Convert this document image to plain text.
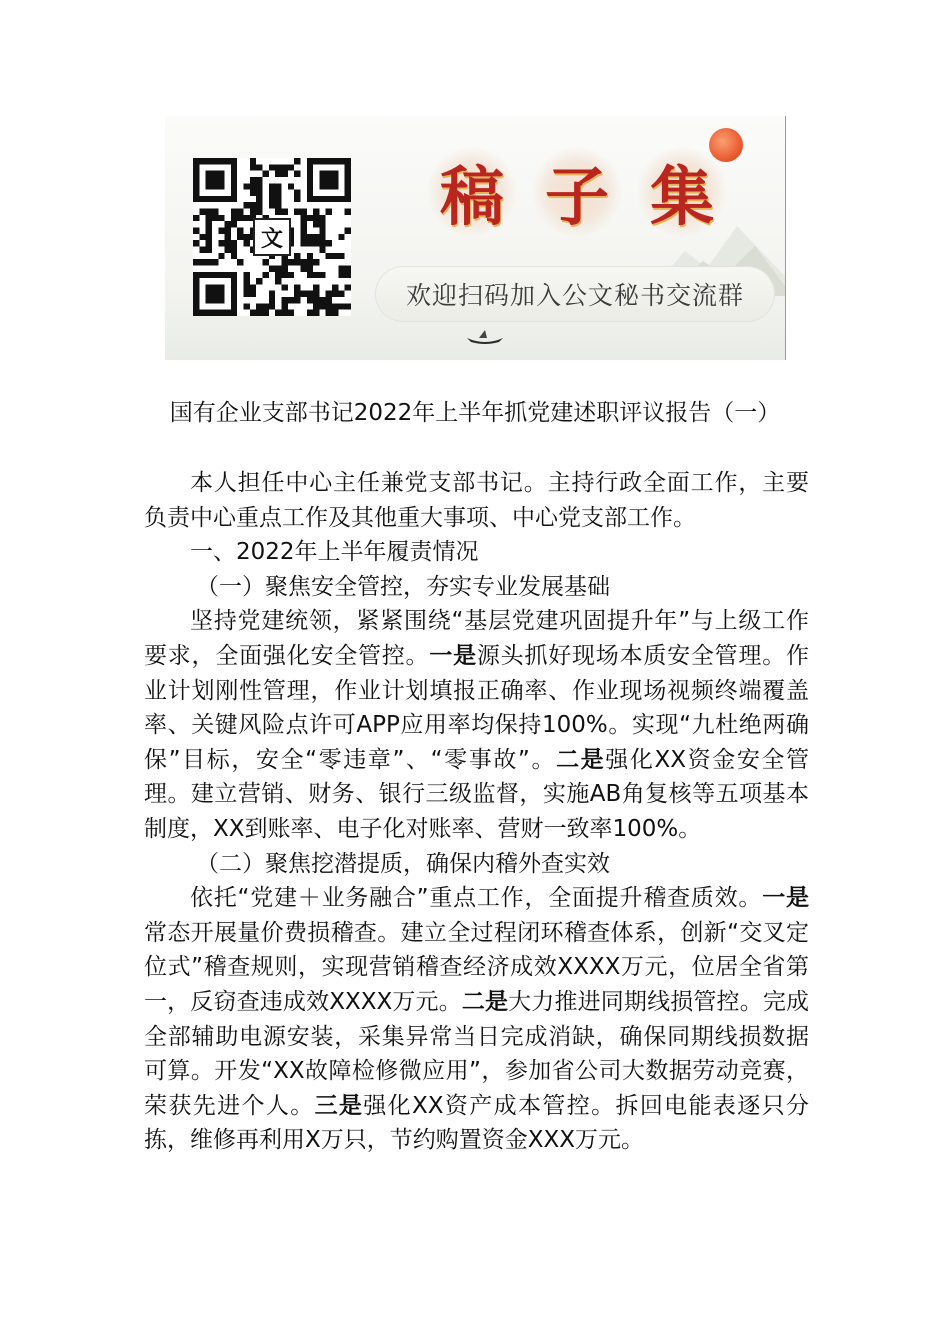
文
稿 子 集
欢迎扫码加入公文秘书交流群
国有企业支部书记2022年上半年抓党建述职评议报告（一）

本人担任中心主任兼党支部书记。主持行政全面工作，主要负责中心重点工作及其他重大事项、中心党支部工作。

一、2022年上半年履责情况

（一）聚焦安全管控，夯实专业发展基础

坚持党建统领，紧紧围绕“基层党建巩固提升年”与上级工作要求，全面强化安全管控。一是源头抓好现场本质安全管理。作业计划刚性管理，作业计划填报正确率、作业现场视频终端覆盖率、关键风险点许可APP应用率均保持100%。实现“九杜绝两确保”目标，安全“零违章”、“零事故”。二是强化XX资金安全管理。建立营销、财务、银行三级监督，实施AB角复核等五项基本制度，XX到账率、电子化对账率、营财一致率100%。

（二）聚焦挖潜提质，确保内稽外查实效

依托“党建＋业务融合”重点工作，全面提升稽查质效。一是常态开展量价费损稽查。建立全过程闭环稽查体系，创新“交叉定位式”稽查规则，实现营销稽查经济成效XXXX万元，位居全省第一，反窃查违成效XXXX万元。二是大力推进同期线损管控。完成全部辅助电源安装，采集异常当日完成消缺，确保同期线损数据可算。开发“XX故障检修微应用”，参加省公司大数据劳动竞赛，荣获先进个人。三是强化XX资产成本管控。拆回电能表逐只分拣，维修再利用X万只，节约购置资金XXX万元。
